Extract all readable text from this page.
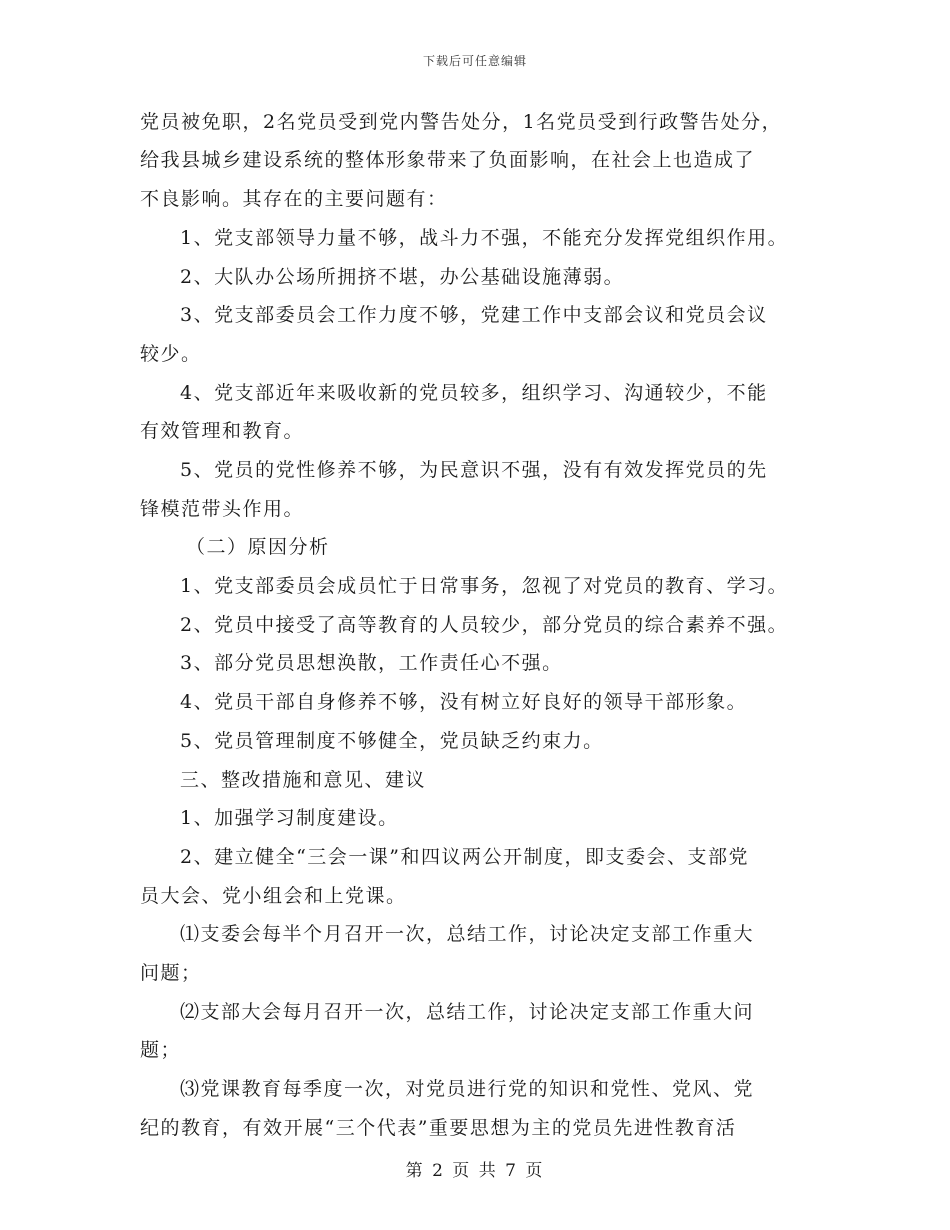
下载后可任意编辑
党员被免职，2名党员受到党内警告处分，1名党员受到行政警告处分，
给我县城乡建设系统的整体形象带来了负面影响，在社会上也造成了
不良影响。其存在的主要问题有：
1、党支部领导力量不够，战斗力不强，不能充分发挥党组织作用。
2、大队办公场所拥挤不堪，办公基础设施薄弱。
3、党支部委员会工作力度不够，党建工作中支部会议和党员会议
较少。
4、党支部近年来吸收新的党员较多，组织学习、沟通较少，不能
有效管理和教育。
5、党员的党性修养不够，为民意识不强，没有有效发挥党员的先
锋模范带头作用。
（二）原因分析
1、党支部委员会成员忙于日常事务，忽视了对党员的教育、学习。
2、党员中接受了高等教育的人员较少，部分党员的综合素养不强。
3、部分党员思想涣散，工作责任心不强。
4、党员干部自身修养不够，没有树立好良好的领导干部形象。
5、党员管理制度不够健全，党员缺乏约束力。
三、整改措施和意见、建议
1、加强学习制度建设。
2、建立健全“三会一课”和四议两公开制度，即支委会、支部党
员大会、党小组会和上党课。
⑴支委会每半个月召开一次，总结工作，讨论决定支部工作重大
问题；
⑵支部大会每月召开一次，总结工作，讨论决定支部工作重大问
题；
⑶党课教育每季度一次，对党员进行党的知识和党性、党风、党
纪的教育，有效开展“三个代表”重要思想为主的党员先进性教育活
第 2 页 共 7 页
